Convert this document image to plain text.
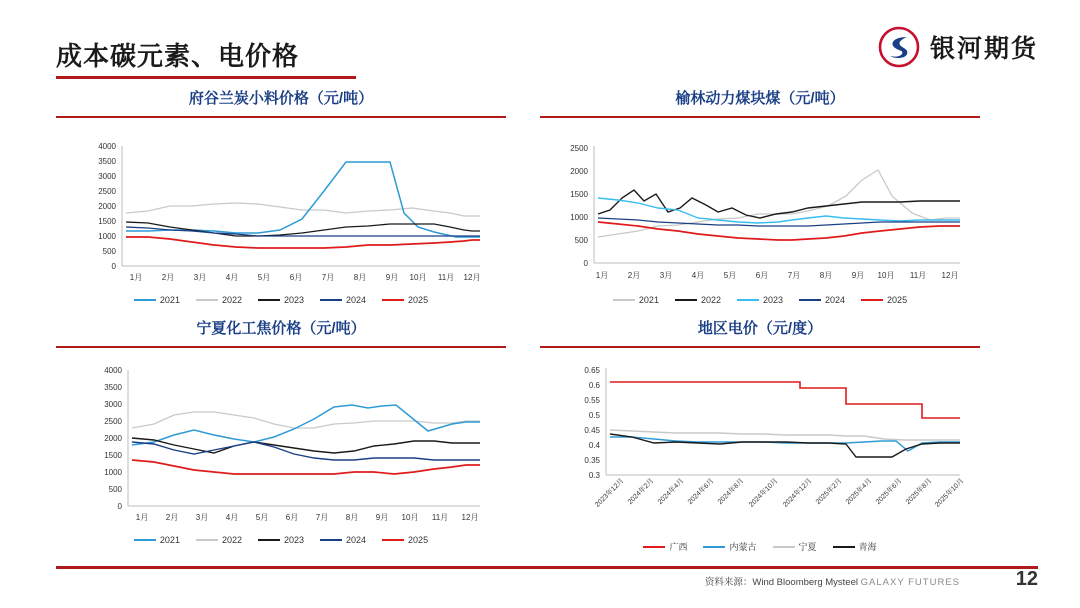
成本碳元素、电价格	银河期货
府谷兰炭小料价格（元/吨）
4000
3500
3000
2500
2000
1500
1000
500
0
1月 2月 3月 4月 5月 6月 7月 8月 9月 10月 11月 12月
2021	2022	2023	2024	2025
榆林动力煤块煤（元/吨）
2500
2000
1500
1000
500
0
1月 2月 3月 4月 5月 6月 7月 8月 9月 10月 11月 12月
2021	2022	2023	2024	2025
宁夏化工焦价格（元/吨）
4000
3500
3000
2500
2000
1500
1000
500
0
1月 2月 3月 4月 5月 6月 7月 8月 9月 10月 11月 12月
2021	2022	2023	2024	2025
地区电价（元/度）
0.65
0.6
0.55
0.5
0.45
0.4
0.35
0.3
2023年12月 2024年2月 2024年4月 2024年6月 2024年8月 2024年10月 2024年12月 2025年2月 2025年4月 2025年6月 2025年8月 2025年10月
广西	内蒙古	宁夏	青海
资料来源：Wind Bloomberg Mysteel GALAXY FUTURES	12
